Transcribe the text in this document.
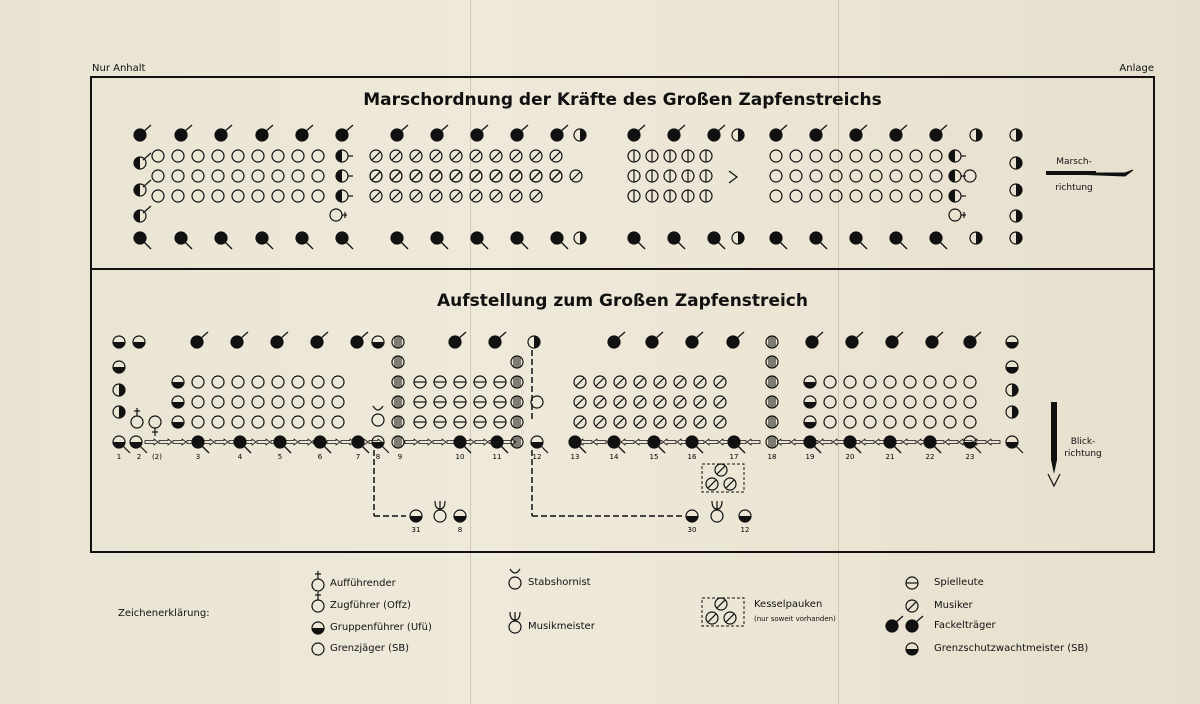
Nur Anhalt	Anlage
Marschordnung der Kräfte des Großen Zapfenstreichs
Aufstellung zum Großen Zapfenstreich
1 2 (2)	3	4	5	6	7 8	9	10	11	12	13	14	15	16	17	18	19	20	21	22	23
31	8	30	12
Marsch-
richtung
Blick-
richtung
Zeichenerklärung:
Aufführender
Zugführer (Offz)
Gruppenführer (Ufü)
Grenzjäger (SB)
Stabshornist
Musikmeister
Kesselpauken
(nur soweit vorhanden)
Spielleute
Musiker
Fackelträger
Grenzschutzwachtmeister (SB)
